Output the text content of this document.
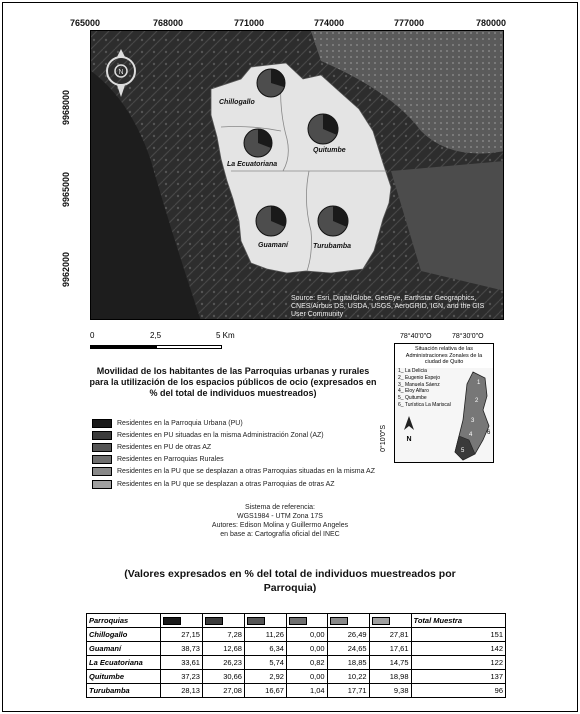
765000	768000	771000	774000	777000	780000
9968000
9965000
9962000
N
Chillogallo
La Ecuatoriana
Quitumbe
Guamaní	Turubamba
Source: Esri, DigitalGlobe, GeoEye, Earthstar Geographics, CNES/Airbus DS, USDA, USGS, AeroGRID, IGN, and the GIS User Community
0	2,5	5 Km
Movilidad de los habitantes de las Parroquias urbanas y rurales para la utilización de los espacios públicos de ocio (expresados en % del total de individuos muestreados)
Residentes en la Parroquia Urbana (PU)
Residentes en PU situadas en la misma Administración Zonal (AZ)
Residentes en PU de otras AZ
Residentes en Parroquias Rurales
Residentes en la PU que se desplazan a otras Parroquias situadas en la misma AZ
Residentes en la PU que se desplazan a otras Parroquias de otras AZ
78°40'0"O	78°30'0"O
0°10'0"S
Situación relativa de las Administraciones Zonales de la ciudad de Quito
1_ La Delicia
2_ Eugenio Espejo
3_ Manuela Sáenz
4_ Eloy Alfaro
5_ Quitumbe
6_ Turística La Mariscal
1
2
3
4
5
6
N
Sistema de referencia:
WGS1984 - UTM Zona 17S
Autores: Edison Molina y Guillermo Angeles
en base a: Cartografía oficial del INEC
(Valores expresados en % del total de individuos muestreados por Parroquia)
Parroquias							Total Muestra
Chillogallo	27,15	7,28	11,26	0,00	26,49	27,81	151
Guamaní	38,73	12,68	6,34	0,00	24,65	17,61	142
La Ecuatoriana	33,61	26,23	5,74	0,82	18,85	14,75	122
Quitumbe	37,23	30,66	2,92	0,00	10,22	18,98	137
Turubamba	28,13	27,08	16,67	1,04	17,71	9,38	96
